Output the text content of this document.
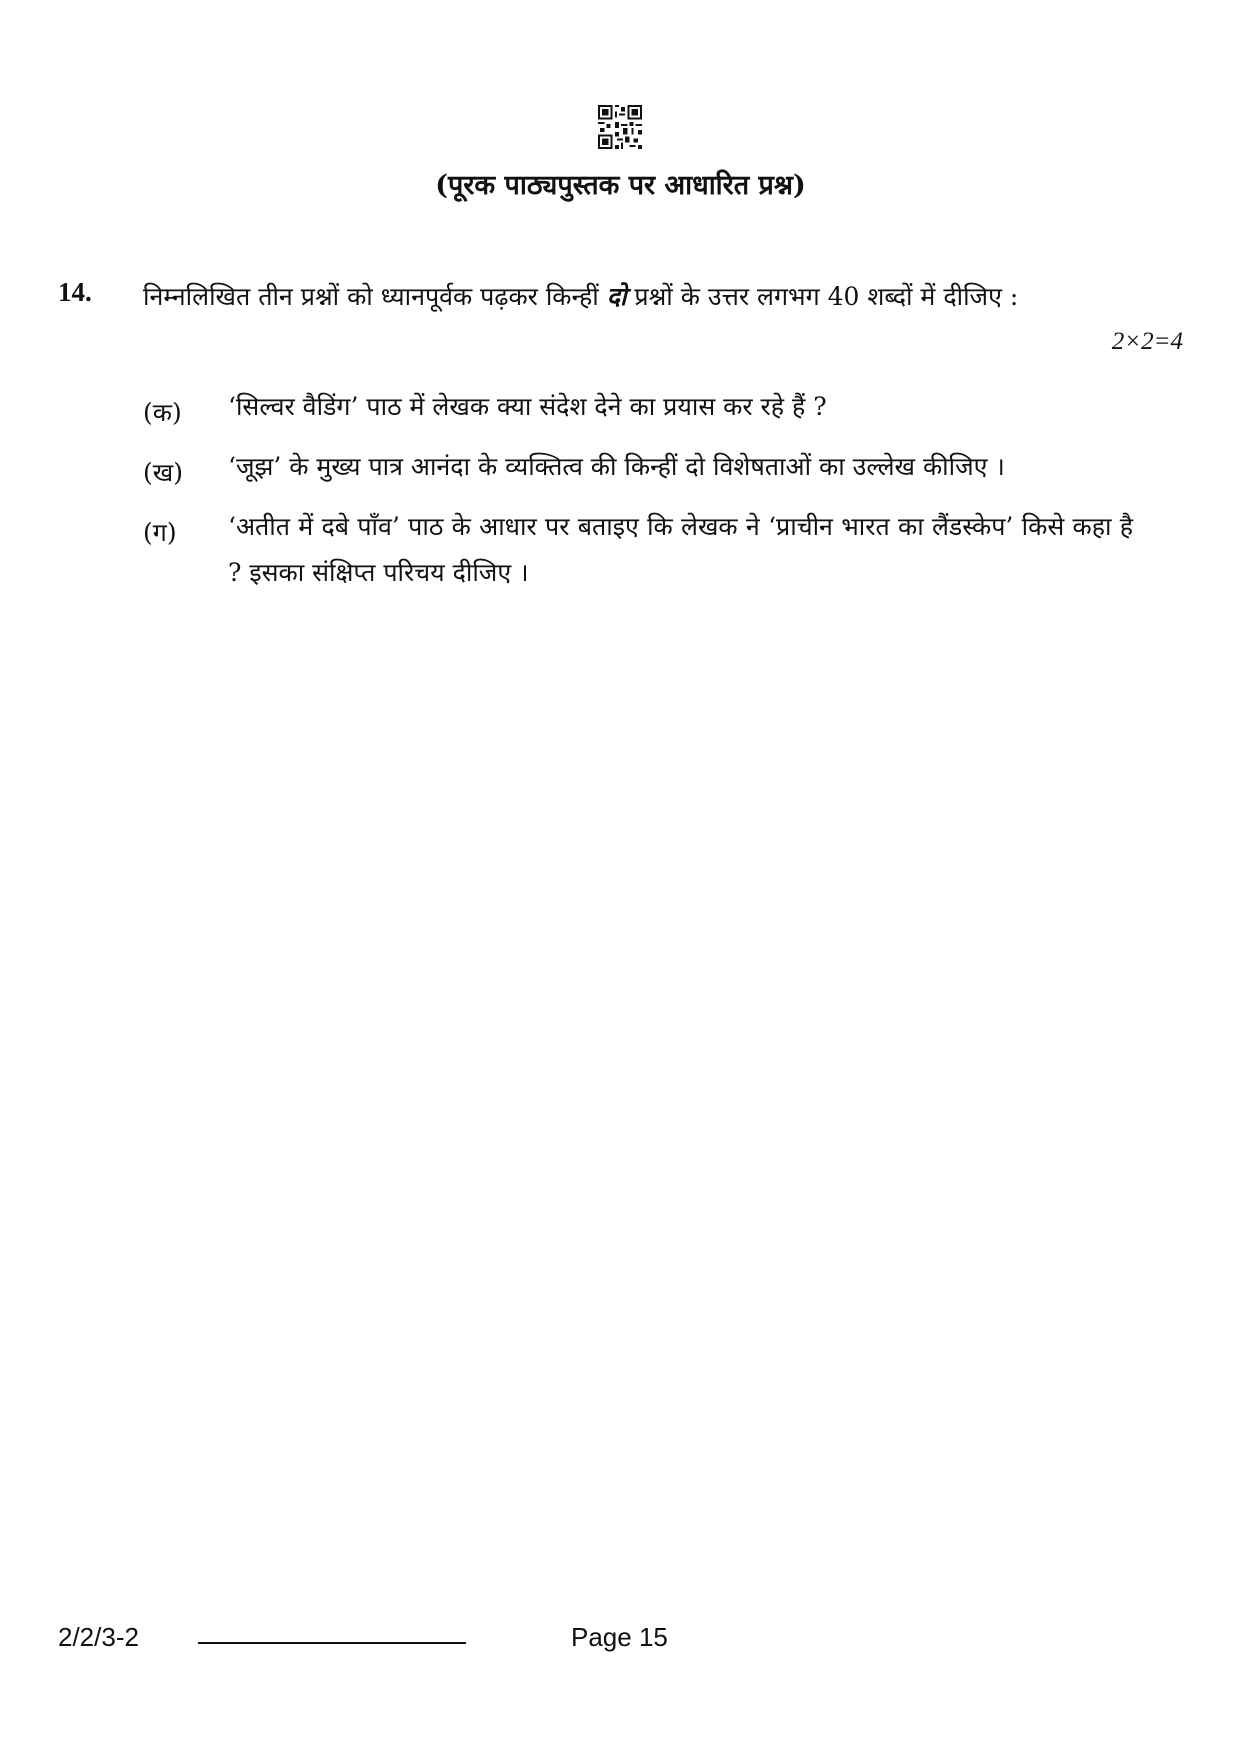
(पूरक पाठ्यपुस्तक पर आधारित प्रश्न)
14. निम्नलिखित तीन प्रश्नों को ध्यानपूर्वक पढ़कर किन्हीं दो प्रश्नों के उत्तर लगभग 40 शब्दों में दीजिए :
2×2=4
(क) ‘सिल्वर वैडिंग’ पाठ में लेखक क्या संदेश देने का प्रयास कर रहे हैं ?
(ख) ‘जूझ’ के मुख्य पात्र आनंदा के व्यक्तित्व की किन्हीं दो विशेषताओं का उल्लेख कीजिए ।
(ग) ‘अतीत में दबे पाँव’ पाठ के आधार पर बताइए कि लेखक ने ‘प्राचीन भारत का लैंडस्केप’ किसे कहा है ? इसका संक्षिप्त परिचय दीजिए ।
2/2/3-2	Page 15
